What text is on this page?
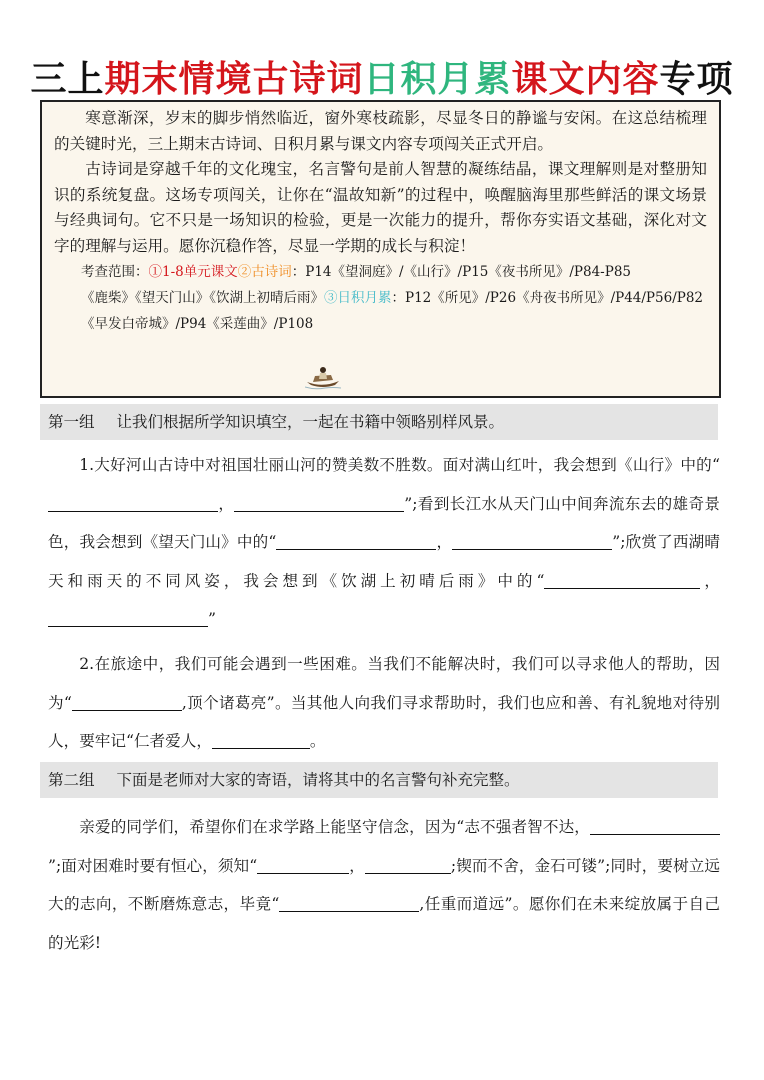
三上期末情境古诗词日积月累课文内容专项

寒意渐深，岁末的脚步悄然临近，窗外寒枝疏影，尽显冬日的静谧与安闲。在这总结梳理的关键时光，三上期末古诗词、日积月累与课文内容专项闯关正式开启。

古诗词是穿越千年的文化瑰宝，名言警句是前人智慧的凝练结晶，课文理解则是对整册知识的系统复盘。这场专项闯关，让你在“温故知新”的过程中，唤醒脑海里那些鲜活的课文场景与经典词句。它不只是一场知识的检验，更是一次能力的提升，帮你夯实语文基础，深化对文字的理解与运用。愿你沉稳作答，尽显一学期的成长与积淀！

考查范围：①1-8单元课文②古诗词：P14《望洞庭》/《山行》/P15《夜书所见》/P84-P85

《鹿柴》《望天门山》《饮湖上初晴后雨》③日积月累：P12《所见》/P26《舟夜书所见》/P44/P56/P82

《早发白帝城》/P94《采莲曲》/P108

第一组 让我们根据所学知识填空，一起在书籍中领略别样风景。
1.大好河山古诗中对祖国壮丽山河的赞美数不胜数。面对满山红叶，我会想到《山行》中的“，	”;看到长江水从天门山中间奔流东去的雄奇景色，我会想到《望天门山》中的“	，	”;欣赏了西湖晴天和雨天的不同风姿，我会想到《饮湖上初晴后雨》中的“	，”
2.在旅途中，我们可能会遇到一些困难。当我们不能解决时，我们可以寻求他人的帮助，因为“	,顶个诸葛亮”。当其他人向我们寻求帮助时，我们也应和善、有礼貌地对待别人，要牢记“仁者爱人，	。
第二组 下面是老师对大家的寄语，请将其中的名言警句补充完整。
亲爱的同学们，希望你们在求学路上能坚守信念，因为“志不强者智不达，”;面对困难时要有恒心，须知“	，	;锲而不舍，金石可镂”;同时，要树立远大的志向，不断磨炼意志，毕竟“	,任重而道远”。愿你们在未来绽放属于自己的光彩!
